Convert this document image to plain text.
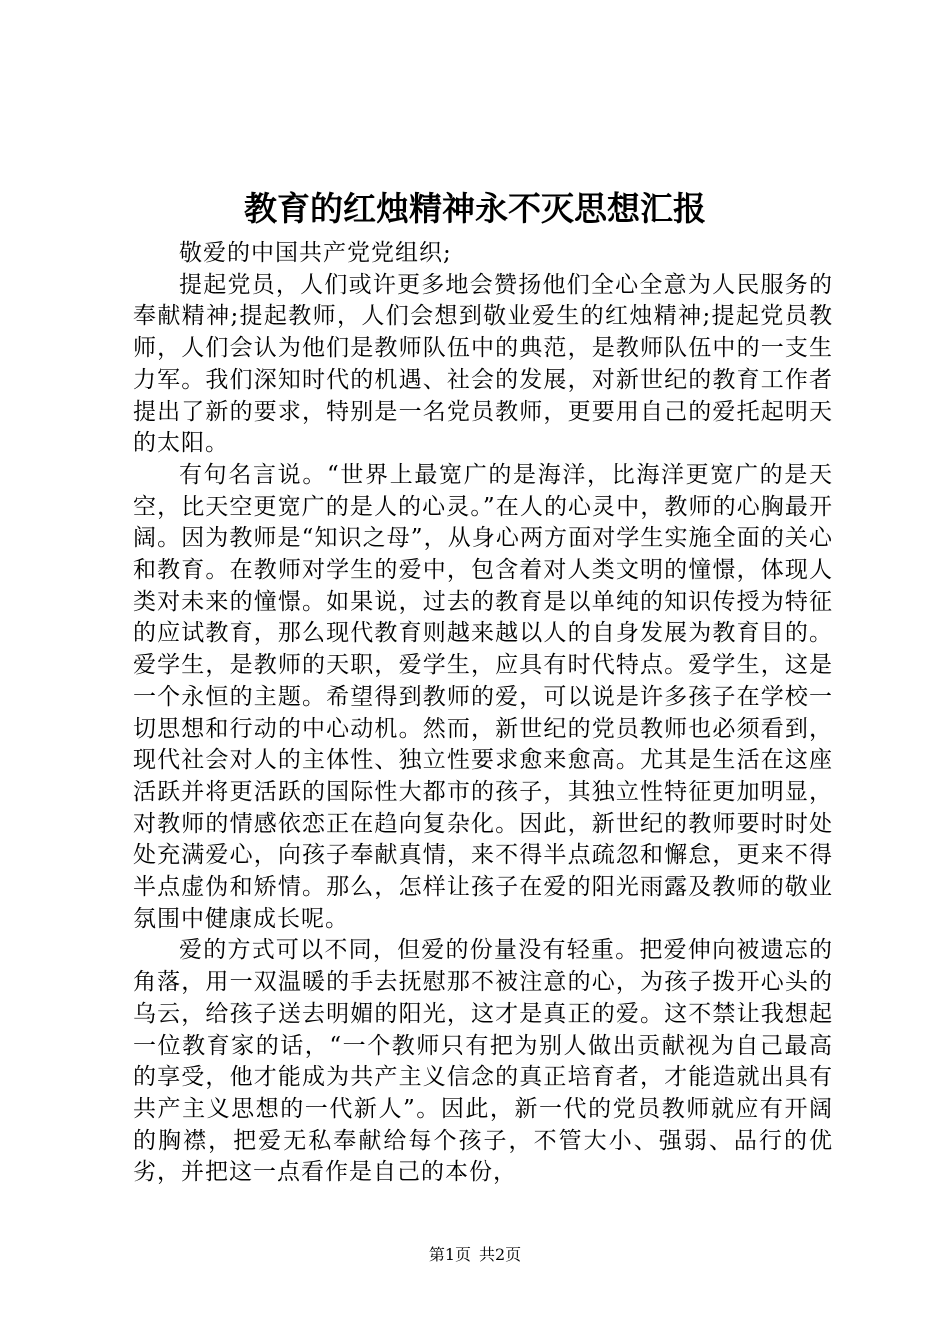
教育的红烛精神永不灭思想汇报

敬爱的中国共产党党组织;

提起党员，人们或许更多地会赞扬他们全心全意为人民服务的奉献精神;提起教师，人们会想到敬业爱生的红烛精神;提起党员教师，人们会认为他们是教师队伍中的典范，是教师队伍中的一支生力军。我们深知时代的机遇、社会的发展，对新世纪的教育工作者提出了新的要求，特别是一名党员教师，更要用自己的爱托起明天的太阳。

有句名言说。“世界上最宽广的是海洋，比海洋更宽广的是天空，比天空更宽广的是人的心灵。”在人的心灵中，教师的心胸最开阔。因为教师是“知识之母”，从身心两方面对学生实施全面的关心和教育。在教师对学生的爱中，包含着对人类文明的憧憬，体现人类对未来的憧憬。如果说，过去的教育是以单纯的知识传授为特征的应试教育，那么现代教育则越来越以人的自身发展为教育目的。爱学生，是教师的天职，爱学生，应具有时代特点。爱学生，这是一个永恒的主题。希望得到教师的爱，可以说是许多孩子在学校一切思想和行动的中心动机。然而，新世纪的党员教师也必须看到，现代社会对人的主体性、独立性要求愈来愈高。尤其是生活在这座活跃并将更活跃的国际性大都市的孩子，其独立性特征更加明显，对教师的情感依恋正在趋向复杂化。因此，新世纪的教师要时时处处充满爱心，向孩子奉献真情，来不得半点疏忽和懈怠，更来不得半点虚伪和矫情。那么，怎样让孩子在爱的阳光雨露及教师的敬业氛围中健康成长呢。

爱的方式可以不同，但爱的份量没有轻重。把爱伸向被遗忘的角落，用一双温暖的手去抚慰那不被注意的心，为孩子拨开心头的乌云，给孩子送去明媚的阳光，这才是真正的爱。这不禁让我想起一位教育家的话，“一个教师只有把为别人做出贡献视为自己最高的享受，他才能成为共产主义信念的真正培育者，才能造就出具有共产主义思想的一代新人”。因此，新一代的党员教师就应有开阔的胸襟，把爱无私奉献给每个孩子，不管大小、强弱、品行的优劣，并把这一点看作是自己的本份，

第1页 共2页
